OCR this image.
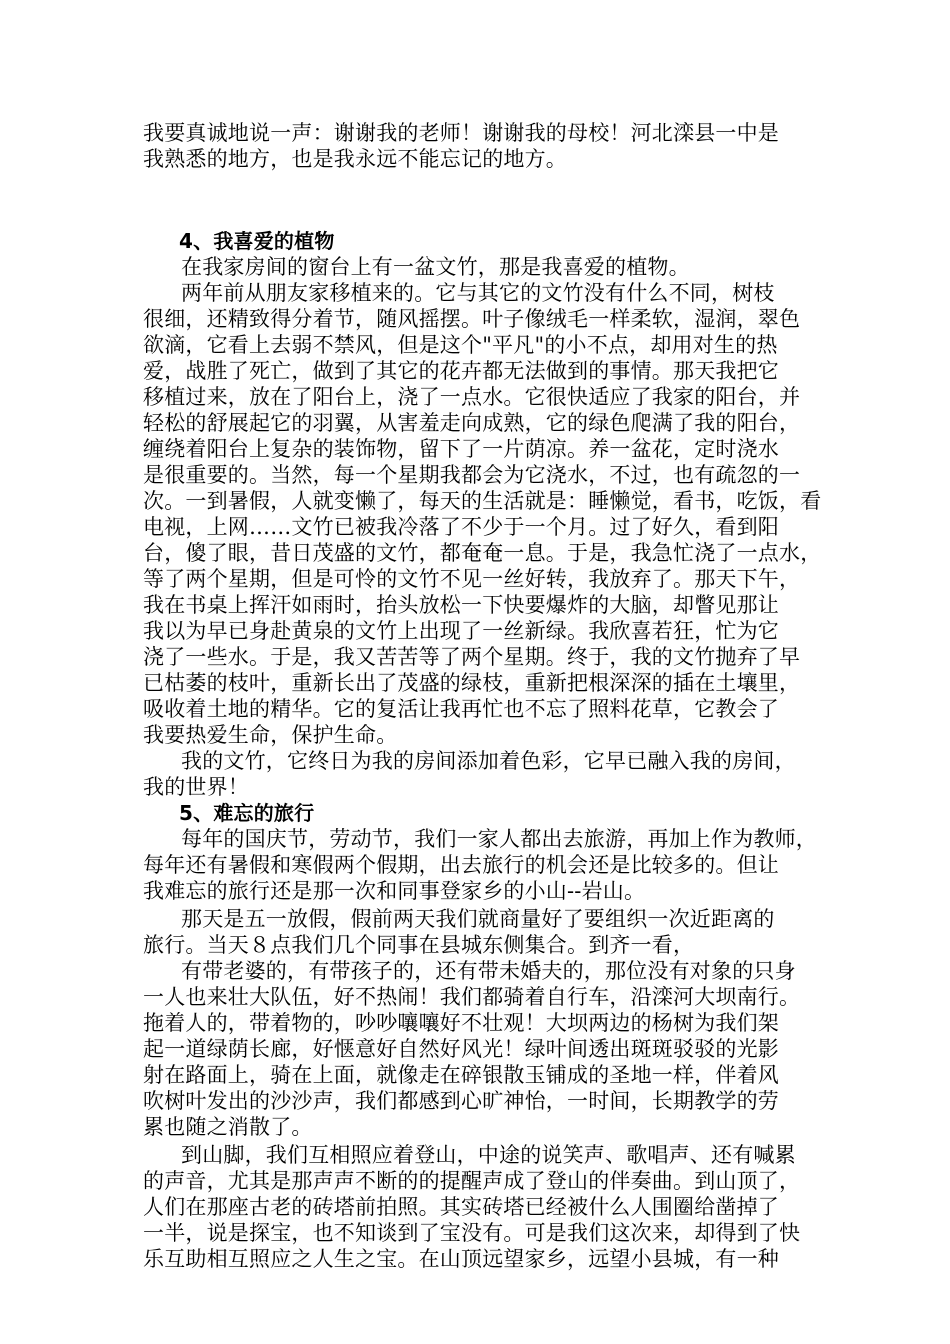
我要真诚地说一声：谢谢我的老师！谢谢我的母校！河北滦县一中是
我熟悉的地方，也是我永远不能忘记的地方。
4、我喜爱的植物
在我家房间的窗台上有一盆文竹，那是我喜爱的植物。
两年前从朋友家移植来的。它与其它的文竹没有什么不同，树枝
很细，还精致得分着节，随风摇摆。叶子像绒毛一样柔软，湿润，翠色
欲滴，它看上去弱不禁风，但是这个"平凡"的小不点，却用对生的热
爱，战胜了死亡，做到了其它的花卉都无法做到的事情。那天我把它
移植过来，放在了阳台上，浇了一点水。它很快适应了我家的阳台，并
轻松的舒展起它的羽翼，从害羞走向成熟，它的绿色爬满了我的阳台，
缠绕着阳台上复杂的装饰物，留下了一片荫凉。养一盆花，定时浇水
是很重要的。当然，每一个星期我都会为它浇水，不过，也有疏忽的一
次。一到暑假，人就变懒了，每天的生活就是：睡懒觉，看书，吃饭，看
电视，上网……文竹已被我冷落了不少于一个月。过了好久，看到阳
台，傻了眼，昔日茂盛的文竹，都奄奄一息。于是，我急忙浇了一点水，
等了两个星期，但是可怜的文竹不见一丝好转，我放弃了。那天下午，
我在书桌上挥汗如雨时，抬头放松一下快要爆炸的大脑，却瞥见那让
我以为早已身赴黄泉的文竹上出现了一丝新绿。我欣喜若狂，忙为它
浇了一些水。于是，我又苦苦等了两个星期。终于，我的文竹抛弃了早
已枯萎的枝叶，重新长出了茂盛的绿枝，重新把根深深的插在土壤里，
吸收着土地的精华。它的复活让我再忙也不忘了照料花草，它教会了
我要热爱生命，保护生命。
我的文竹，它终日为我的房间添加着色彩，它早已融入我的房间，
我的世界！
5、难忘的旅行
每年的国庆节，劳动节，我们一家人都出去旅游，再加上作为教师，
每年还有暑假和寒假两个假期，出去旅行的机会还是比较多的。但让
我难忘的旅行还是那一次和同事登家乡的小山--岩山。
那天是五一放假，假前两天我们就商量好了要组织一次近距离的
旅行。当天８点我们几个同事在县城东侧集合。到齐一看，
有带老婆的，有带孩子的，还有带未婚夫的，那位没有对象的只身
一人也来壮大队伍，好不热闹！我们都骑着自行车，沿滦河大坝南行。
拖着人的，带着物的，吵吵嚷嚷好不壮观！大坝两边的杨树为我们架
起一道绿荫长廊，好惬意好自然好风光！绿叶间透出斑斑驳驳的光影
射在路面上，骑在上面，就像走在碎银散玉铺成的圣地一样，伴着风
吹树叶发出的沙沙声，我们都感到心旷神怡，一时间，长期教学的劳
累也随之消散了。
到山脚，我们互相照应着登山，中途的说笑声、歌唱声、还有喊累
的声音，尤其是那声声不断的的提醒声成了登山的伴奏曲。到山顶了，
人们在那座古老的砖塔前拍照。其实砖塔已经被什么人围圈给凿掉了
一半，说是探宝，也不知谈到了宝没有。可是我们这次来，却得到了快
乐互助相互照应之人生之宝。在山顶远望家乡，远望小县城，有一种
